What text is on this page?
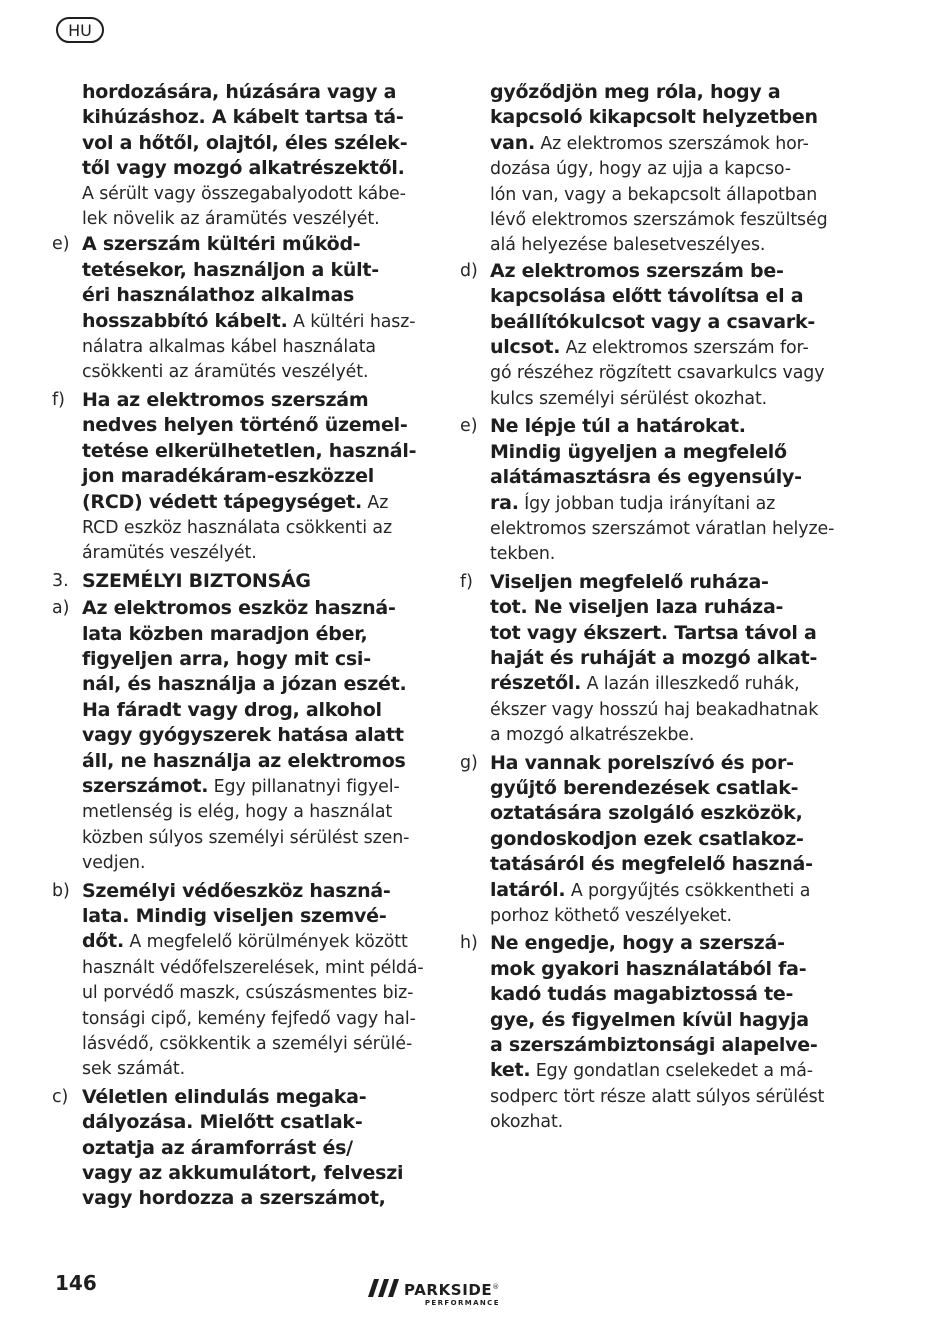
HU
hordozására, húzására vagy a
kihúzáshoz. A kábelt tartsa tá-
vol a hőtől, olajtól, éles szélek-
től vagy mozgó alkatrészektől.
A sérült vagy összegabalyodott kábe-
lek növelik az áramütés veszélyét.
e) A szerszám kültéri működ-
tetésekor, használjon a kült-
éri használathoz alkalmas
hosszabbító kábelt. A kültéri hasz-
nálatra alkalmas kábel használata
csökkenti az áramütés veszélyét.
f) Ha az elektromos szerszám
nedves helyen történő üzemel-
tetése elkerülhetetlen, használ-
jon maradékáram-eszközzel
(RCD) védett tápegységet. Az
RCD eszköz használata csökkenti az
áramütés veszélyét.
3. SZEMÉLYI BIZTONSÁG
a) Az elektromos eszköz haszná-
lata közben maradjon éber,
figyeljen arra, hogy mit csi-
nál, és használja a józan eszét.
Ha fáradt vagy drog, alkohol
vagy gyógyszerek hatása alatt
áll, ne használja az elektromos
szerszámot. Egy pillanatnyi figyel-
metlenség is elég, hogy a használat
közben súlyos személyi sérülést szen-
vedjen.
b) Személyi védőeszköz haszná-
lata. Mindig viseljen szemvé-
dőt. A megfelelő körülmények között
használt védőfelszerelések, mint példá-
ul porvédő maszk, csúszásmentes biz-
tonsági cipő, kemény fejfedő vagy hal-
lásvédő, csökkentik a személyi sérülé-
sek számát.
c) Véletlen elindulás megaka-
dályozása. Mielőtt csatlak-
oztatja az áramforrást és/
vagy az akkumulátort, felveszi
vagy hordozza a szerszámot,
győződjön meg róla, hogy a
kapcsoló kikapcsolt helyzetben
van. Az elektromos szerszámok hor-
dozása úgy, hogy az ujja a kapcso-
lón van, vagy a bekapcsolt állapotban
lévő elektromos szerszámok feszültség
alá helyezése balesetveszélyes.
d) Az elektromos szerszám be-
kapcsolása előtt távolítsa el a
beállítókulcsot vagy a csavark-
ulcsot. Az elektromos szerszám for-
gó részéhez rögzített csavarkulcs vagy
kulcs személyi sérülést okozhat.
e) Ne lépje túl a határokat.
Mindig ügyeljen a megfelelő
alátámasztásra és egyensúly-
ra. Így jobban tudja irányítani az
elektromos szerszámot váratlan helyze-
tekben.
f) Viseljen megfelelő ruháza-
tot. Ne viseljen laza ruháza-
tot vagy ékszert. Tartsa távol a
haját és ruháját a mozgó alkat-
részetől. A lazán illeszkedő ruhák,
ékszer vagy hosszú haj beakadhatnak
a mozgó alkatrészekbe.
g) Ha vannak porelszívó és por-
gyűjtő berendezések csatlak-
oztatására szolgáló eszközök,
gondoskodjon ezek csatlakoz-
tatásáról és megfelelő haszná-
latáról. A porgyűjtés csökkentheti a
porhoz köthető veszélyeket.
h) Ne engedje, hogy a szerszá-
mok gyakori használatából fa-
kadó tudás magabiztossá te-
gye, és figyelmen kívül hagyja
a szerszámbiztonsági alapelve-
ket. Egy gondatlan cselekedet a má-
sodperc tört része alatt súlyos sérülést
okozhat.
146	PARKSIDE®
PERFORMANCE
